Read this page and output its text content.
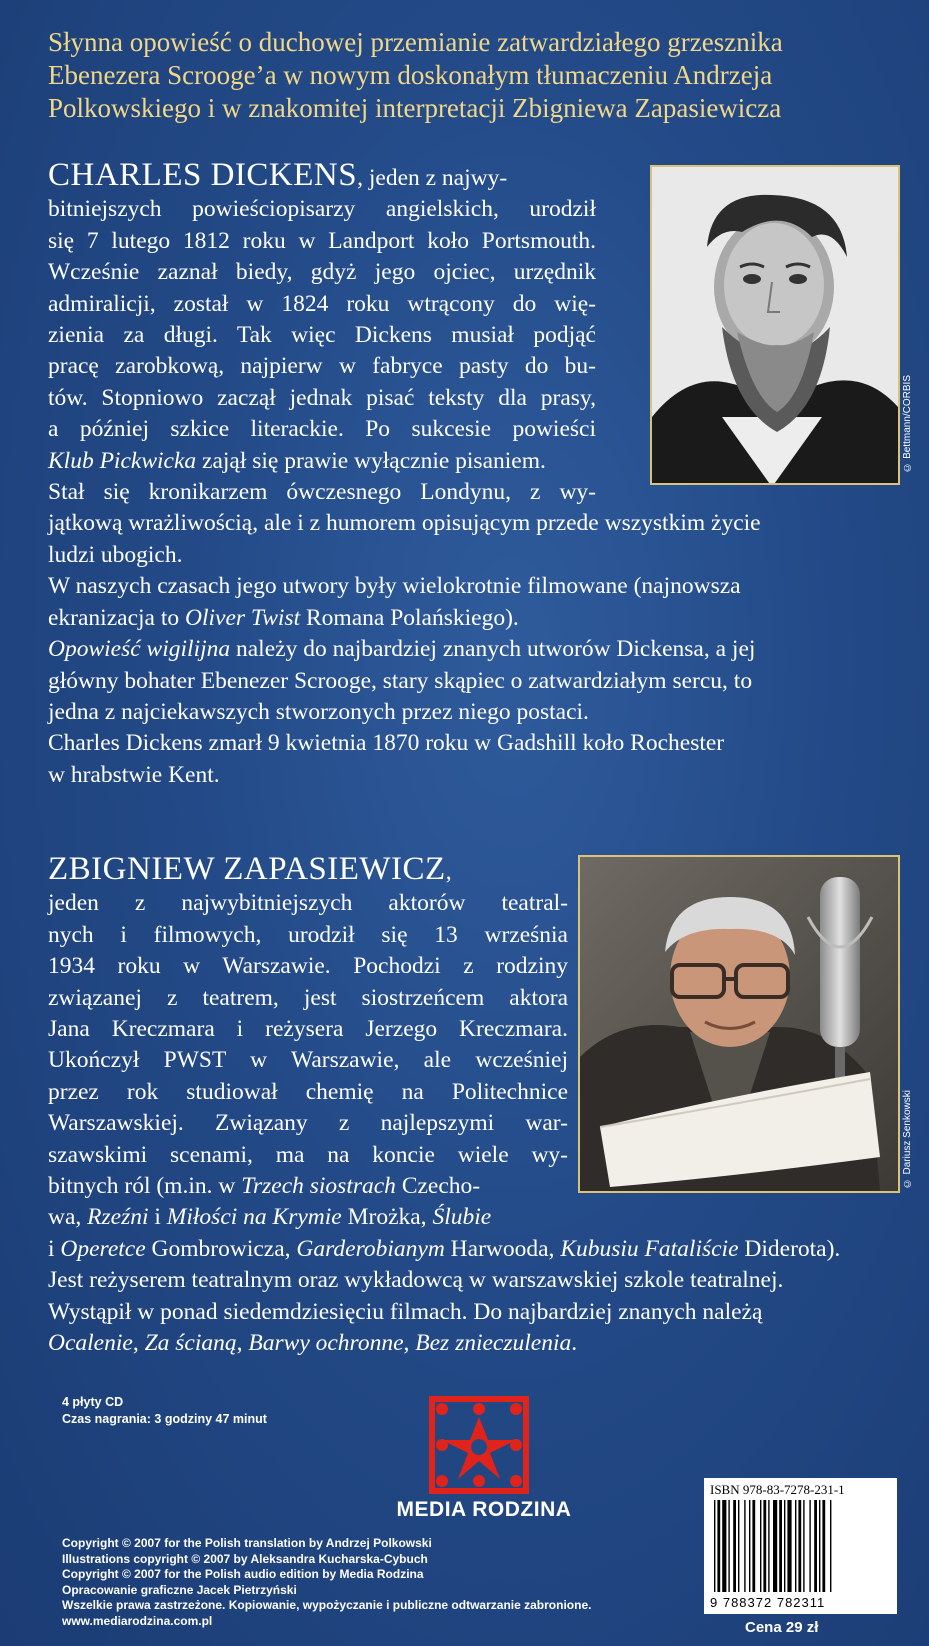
Słynna opowieść o duchowej przemianie zatwardziałego grzesznika
Ebenezera Scrooge’a w nowym doskonałym tłumaczeniu Andrzeja
Polkowskiego i w znakomitej interpretacji Zbigniewa Zapasiewicza
CHARLES DICKENS, jeden z najwy-
bitniejszych powieściopisarzy angielskich, urodził
się 7 lutego 1812 roku w Landport koło Portsmouth.
Wcześnie zaznał biedy, gdyż jego ojciec, urzędnik
admiralicji, został w 1824 roku wtrącony do wię-
zienia za długi. Tak więc Dickens musiał podjąć
pracę zarobkową, najpierw w fabryce pasty do bu-
tów. Stopniowo zaczął jednak pisać teksty dla prasy,
a później szkice literackie. Po sukcesie powieści
Klub Pickwicka zajął się prawie wyłącznie pisaniem.
Stał się kronikarzem ówczesnego Londynu, z wy-
jątkową wrażliwością, ale i z humorem opisującym przede wszystkim życie
ludzi ubogich.
W naszych czasach jego utwory były wielokrotnie filmowane (najnowsza
ekranizacja to Oliver Twist Romana Polańskiego).
Opowieść wigilijna należy do najbardziej znanych utworów Dickensa, a jej
główny bohater Ebenezer Scrooge, stary skąpiec o zatwardziałym sercu, to
jedna z najciekawszych stworzonych przez niego postaci.
Charles Dickens zmarł 9 kwietnia 1870 roku w Gadshill koło Rochester
w hrabstwie Kent.
© Bettmann/CORBIS
ZBIGNIEW ZAPASIEWICZ,
jeden z najwybitniejszych aktorów teatral-
nych i filmowych, urodził się 13 września
1934 roku w Warszawie. Pochodzi z rodziny
związanej z teatrem, jest siostrzeńcem aktora
Jana Kreczmara i reżysera Jerzego Kreczmara.
Ukończył PWST w Warszawie, ale wcześniej
przez rok studiował chemię na Politechnice
Warszawskiej. Związany z najlepszymi war-
szawskimi scenami, ma na koncie wiele wy-
bitnych ról (m.in. w Trzech siostrach Czecho-
wa, Rzeźni i Miłości na Krymie Mrożka, Ślubie
i Operetce Gombrowicza, Garderobianym Harwooda, Kubusiu Fataliście Diderota).
Jest reżyserem teatralnym oraz wykładowcą w warszawskiej szkole teatralnej.
Wystąpił w ponad siedemdziesięciu filmach. Do najbardziej znanych należą
Ocalenie, Za ścianą, Barwy ochronne, Bez znieczulenia.
© Dariusz Senkowski
4 płyty CD
Czas nagrania: 3 godziny 47 minut
MEDIA RODZINA
Copyright © 2007 for the Polish translation by Andrzej Polkowski
Illustrations copyright © 2007 by Aleksandra Kucharska-Cybuch
Copyright © 2007 for the Polish audio edition by Media Rodzina
Opracowanie graficzne Jacek Pietrzyński
Wszelkie prawa zastrzeżone. Kopiowanie, wypożyczanie i publiczne odtwarzanie zabronione.
www.mediarodzina.com.pl
ISBN 978-83-7278-231-1
9 788372 782311
Cena 29 zł
